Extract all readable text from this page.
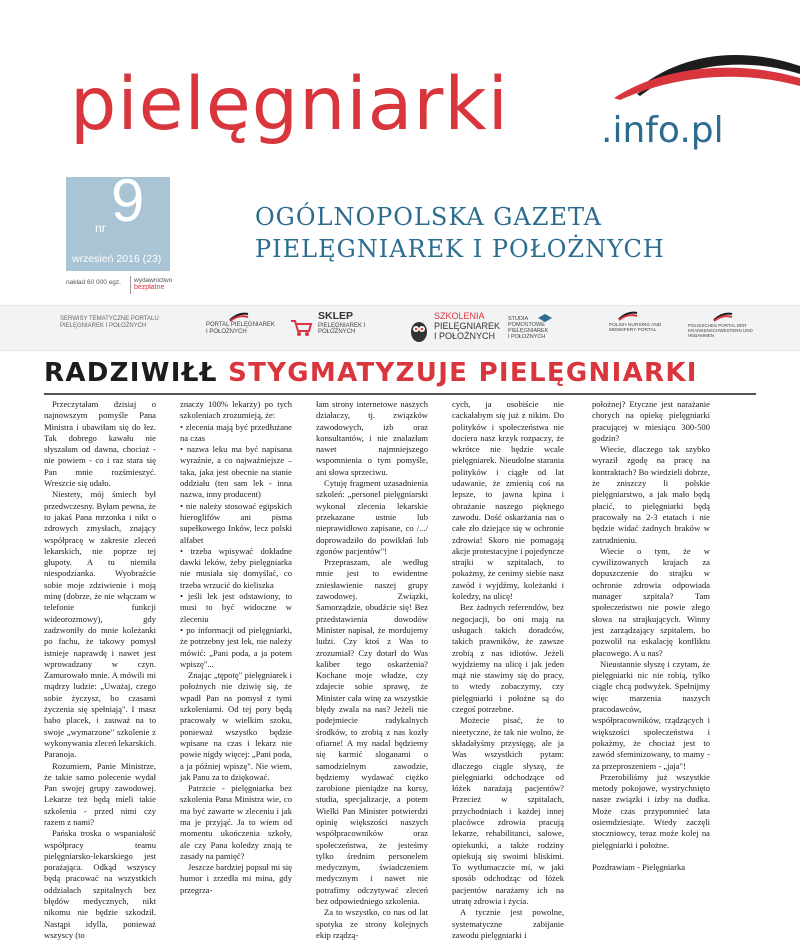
pielęgniarki	.info.pl
nr 9
wrzesień 2016 (23)
nakład 60 000 egz. wydawnictwo
bezpłatne
OGÓLNOPOLSKA GAZETA
PIELĘGNIAREK I POŁOŻNYCH
SERWISY TEMATYCZNE PORTALU PIELĘGNIAREK I POŁOŻNYCH	PORTAL PIELĘGNIAREK I POŁOŻNYCH
SKLEP
PIELĘGNIAREK I POŁOŻNYCH
SZKOLENIA
PIELĘGNIAREK
I POŁOŻNYCH
STUDIA POMOSTOWE PIELĘGNIAREK I POŁOŻNYCH
POLISH NURSING AND MIDWIFERY PORTAL
POLNISCHES PORTAL DER KRANKENSCHWESTERN UND HEBAMMEN
RADZIWIŁŁ STYGMATYZUJE PIELĘGNIARKI

Przeczytałam dzisiaj o najnowszym pomyśle Pana Ministra i ubawiłam się do łez. Tak dobrego kawału nie słyszałam od dawna, chociaż - nie powiem - co i raz stara się Pan mnie rozśmieszyć. Wreszcie się udało.

Niestety, mój śmiech był przedwczesny. Byłam pewna, że to jakaś Pana mrzonka i nikt o zdrowych zmysłach, znający współpracę w zakresie zleceń lekarskich, nie poprze tej głupoty. A tu niemiła niespodzianka. Wyobraźcie sobie moje zdziwienie i moją minę (dobrze, że nie włączam w telefonie funkcji wideorozmowy), gdy zadzwoniły do mnie koleżanki po fachu, że takowy pomysł istnieje naprawdę i nawet jest wprowadzany w czyn. Zamurowało mnie. A mówili mi mądrzy ludzie: „Uważaj, czego sobie życzysz, bo czasami życzenia się spełniają". I masz babo placek, i zauważ na to swoje „wymarzone" szkolenie z wykonywania zleceń lekarskich. Paranoja.

Rozumiem, Panie Ministrze, że takie samo polecenie wydał Pan swojej grupy zawodowej. Lekarze też będą mieli takie szkolenia - przed nimi czy razem z nami?

Pańska troska o wspaniałość współpracy teamu pielęgniarsko-lekarskiego jest porażająca. Odkąd wszyscy będą pracować na wszystkich oddziałach szpitalnych bez błędów medycznych, nikt nikomu nie będzie szkodził. Nastąpi idylla, ponieważ wszyscy (to

znaczy 100% lekarzy) po tych szkoleniach zrozumieją, że:

• zlecenia mają być przedłużane na czas

• nazwa leku ma być napisana wyraźnie, a co najważniejsze – taka, jaka jest obecnie na stanie oddziału (ten sam lek - inna nazwa, inny producent)

• nie należy stosować egipskich hieroglifów ani pisma supełkowego Inków, lecz polski alfabet

• trzeba wpisywać dokładne dawki leków, żeby pielęgniarka nie musiała się domyślać, co trzeba wrzucić do kieliszka

• jeśli lek jest odstawiony, to musi to być widoczne w zleceniu

• po informacji od pielęgniarki, że potrzebny jest lek, nie należy mówić: „Pani poda, a ja potem wpiszę"...

Znając „tępotę" pielęgniarek i położnych nie dziwię się, że wpadł Pan na pomysł z tymi szkoleniami. Od tej pory będą pracowały w wielkim szoku, ponieważ wszystko będzie wpisane na czas i lekarz nie powie nigdy więcej: „Pani poda, a ja później wpiszę". Nie wiem, jak Panu za to dziękować.

Patrzcie - pielęgniarka bez szkolenia Pana Ministra wie, co ma być zawarte w zleceniu i jak ma je przyjąć. Ja to wiem od momentu ukończenia szkoły, ale czy Pana koledzy znają te zasady na pamięć?

Jeszcze bardziej popsuł mi się humor i zrzedła mi mina, gdy przegrza-

łam strony internetowe naszych działaczy, tj. związków zawodowych, izb oraz konsultantów, i nie znalazłam nawet najmniejszego wspomnienia o tym pomyśle, ani słowa sprzeciwu.

Cytuję fragment uzasadnienia szkoleń: „personel pielęgniarski wykonał zlecenia lekarskie przekazane ustnie lub nieprawidłowo zapisane, co /.../ doprowadziło do powikłań lub zgonów pacjentów"!

Przepraszam, ale według mnie jest to ewidentne zniesławienie naszej grupy zawodowej. Związki, Samorządzie, obudźcie się! Bez przedstawienia dowodów Minister napisał, że mordujemy ludzi. Czy ktoś z Was to zrozumiał? Czy dotarł do Was kaliber tego oskarżenia? Kochane moje władze, czy zdajecie sobie sprawę, że Minister cała winę za wszystkie błędy zwala na nas? Jeżeli nie podejmiecie radykalnych środków, to zrobią z nas kozły ofiarne! A my nadal będziemy się karmić sloganami o samodzielnym zawodzie, będziemy wydawać ciężko zarobione pieniądze na kursy, studia, specjalizacje, a potem Wielki Pan Minister potwierdzi opinię większości naszych współpracowników oraz społeczeństwa, że jesteśmy tylko średnim personelem medycznym, świadczeniem medycznym i nawet nie potrafimy odczytywać zleceń bez odpowiedniego szkolenia.

Za to wszystko, co nas od lat spotyka ze strony kolejnych ekip rządzą-

cych, ja osobiście nie cackałabym się już z nikim. Do polityków i społeczeństwa nie dociera nasz krzyk rozpaczy, że wkrótce nie będzie wcale pielęgniarek. Nieudolne starania polityków i ciągłe od lat udawanie, że zmienią coś na lepsze, to jawna kpina i obrażanie naszego pięknego zawodu. Dość oskarżania nas o całe zło dziejące się w ochronie zdrowia! Skoro nie pomagają akcje protestacyjne i pojedyncze strajki w szpitalach, to pokażmy, że cenimy siebie nasz zawód i wyjdźmy, koleżanki i koledzy, na ulicę!

Bez żadnych referendów, bez negocjacji, bo oni mają na usługach takich doradców, takich prawników, że zawsze zrobią z nas idiotów. Jeżeli wyjdziemy na ulicę i jak jeden mąż nie stawimy się do pracy, to wtedy zobaczymy, czy pielęgniarki i położne są do czegoś potrzebne.

Możecie pisać, że to nieetyczne, że tak nie wolno, że składałyśmy przysięgę, ale ja Was wszystkich pytam: dlaczego ciągle słyszę, że pielęgniarki odchodzące od łóżek narażają pacjentów? Przecież w szpitalach, przychodniach i każdej innej placówce zdrowia pracują lekarze, rehabilitanci, salowe, opiekunki, a także rodziny opiekują się swoimi bliskimi. To wytłumaczcie mi, w jaki sposób odchodząc od łóżek pacjentów narażamy ich na utratę zdrowia i życia.

A tycznie jest powolne, systematyczne zabijanie zawodu pielęgniarki i

położnej? Etyczne jest narażanie chorych na opiekę pielęgniarki pracującej w miesiącu 300-500 godzin?

Wiecie, dlaczego tak szybko wyraził zgodę na pracę na kontraktach? Bo wiedzieli dobrze, że zniszczy li polskie pielęgniarstwo, a jak mało będą płacić, to pielęgniarki będą pracowały na 2-3 etatach i nie będzie widać żadnych braków w zatrudnieniu.

Wiecie o tym, że w cywilizowanych krajach za dopuszczenie do strajku w ochronie zdrowia odpowiada manager szpitala? Tam społeczeństwo nie powie złego słowa na strajkujących. Winny jest zarządzający szpitalem, bo pozwolił na eskalację konfliktu płacowego. A u nas?

Nieustannie słyszę i czytam, że pielęgniarki nic nie robią, tylko ciągle chcą podwyżek. Spełnijmy więc marzenia naszych pracodawców, współpracowników, rządzących i większości społeczeństwa i pokażmy, że chociaż jest to zawód sfeminizowany, to mamy - za przeproszeniem - „jaja"!

Przerobiliśmy już wszystkie metody pokojowe, wystrychnięto nasze związki i izby na dudka. Może czas przypomnieć lata osiemdziesiąte. Wtedy zaczęli stoczniowcy, teraz może kolej na pielęgniarki i położne.

Pozdrawiam - Pielęgniarka
